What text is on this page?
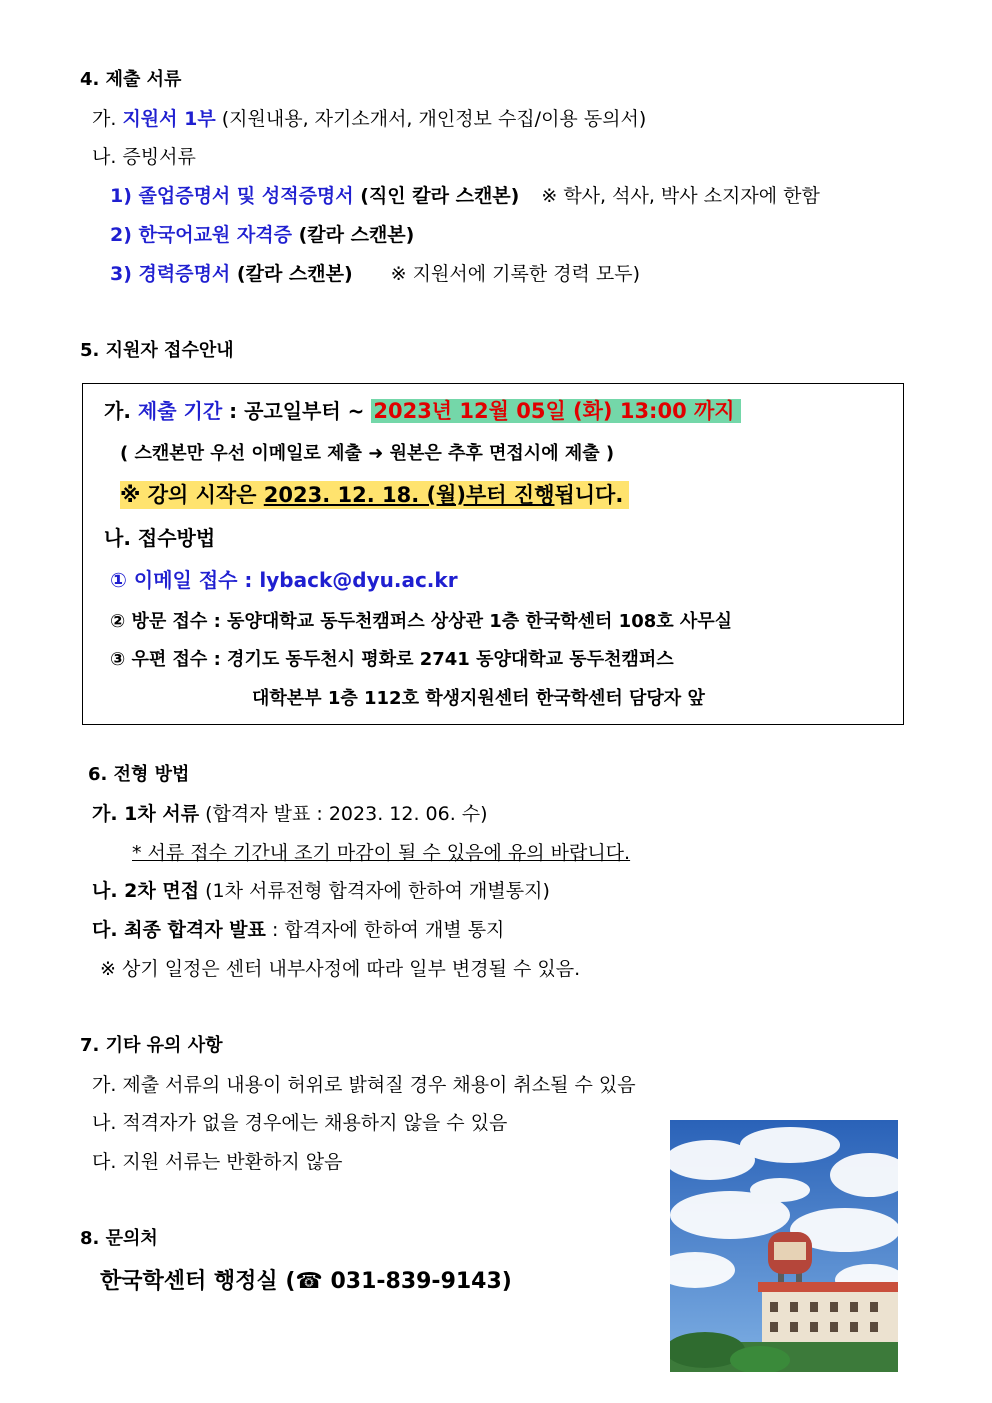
4. 제출 서류
가. 지원서 1부 (지원내용, 자기소개서, 개인정보 수집/이용 동의서)
나. 증빙서류
1) 졸업증명서 및 성적증명서 (직인 칼라 스캔본) ※ 학사, 석사, 박사 소지자에 한함
2) 한국어교원 자격증 (칼라 스캔본)
3) 경력증명서 (칼라 스캔본) ※ 지원서에 기록한 경력 모두)
5. 지원자 접수안내
가. 제출 기간 : 공고일부터 ~ 2023년 12월 05일 (화) 13:00 까지
( 스캔본만 우선 이메일로 제출 ➜ 원본은 추후 면접시에 제출 )
※ 강의 시작은 2023. 12. 18. (월)부터 진행됩니다.
나. 접수방법
① 이메일 접수 : lyback@dyu.ac.kr
② 방문 접수 : 동양대학교 동두천캠퍼스 상상관 1층 한국학센터 108호 사무실
③ 우편 접수 : 경기도 동두천시 평화로 2741 동양대학교 동두천캠퍼스
대학본부 1층 112호 학생지원센터 한국학센터 담당자 앞
6. 전형 방법
가. 1차 서류 (합격자 발표 : 2023. 12. 06. 수)
* 서류 접수 기간내 조기 마감이 될 수 있음에 유의 바랍니다.
나. 2차 면접 (1차 서류전형 합격자에 한하여 개별통지)
다. 최종 합격자 발표 : 합격자에 한하여 개별 통지
※ 상기 일정은 센터 내부사정에 따라 일부 변경될 수 있음.
7. 기타 유의 사항
가. 제출 서류의 내용이 허위로 밝혀질 경우 채용이 취소될 수 있음
나. 적격자가 없을 경우에는 채용하지 않을 수 있음
다. 지원 서류는 반환하지 않음
8. 문의처
한국학센터 행정실 (☎ 031-839-9143)
